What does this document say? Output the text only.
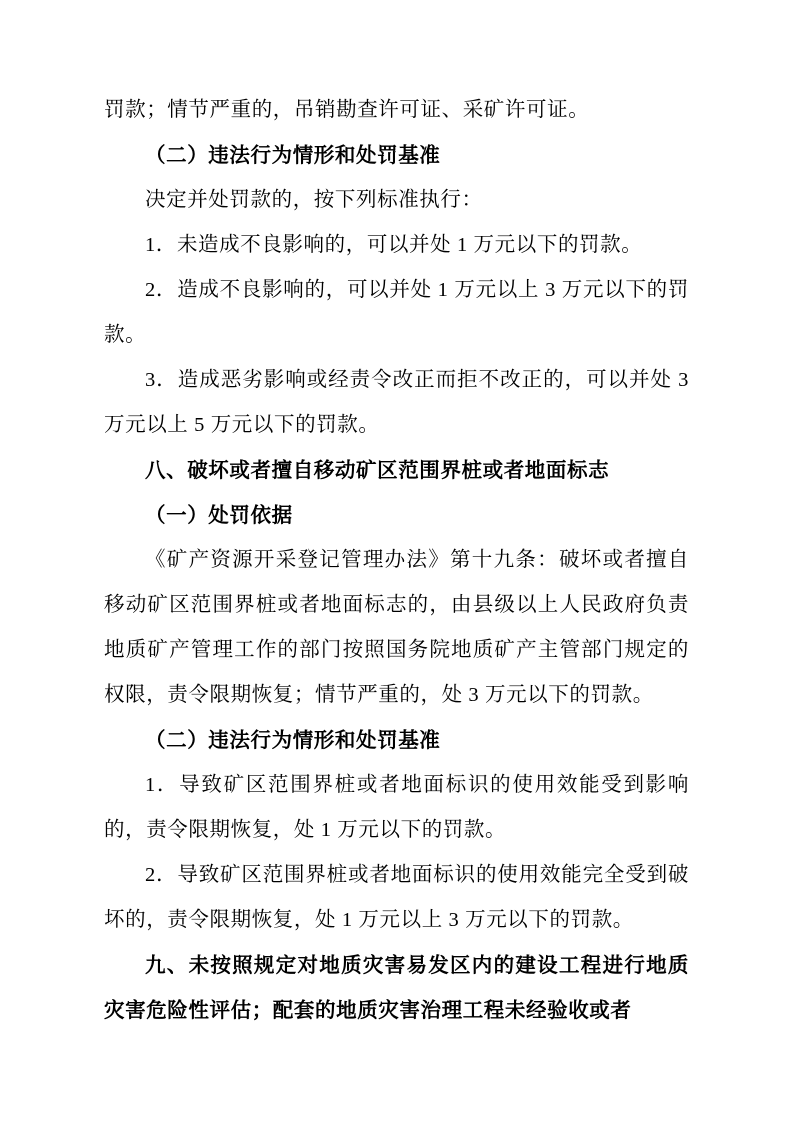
罚款；情节严重的，吊销勘查许可证、采矿许可证。

（二）违法行为情形和处罚基准

决定并处罚款的，按下列标准执行：

1．未造成不良影响的，可以并处 1 万元以下的罚款。

2．造成不良影响的，可以并处 1 万元以上 3 万元以下的罚款。

3．造成恶劣影响或经责令改正而拒不改正的，可以并处 3 万元以上 5 万元以下的罚款。

八、破坏或者擅自移动矿区范围界桩或者地面标志

（一）处罚依据

《矿产资源开采登记管理办法》第十九条：破坏或者擅自移动矿区范围界桩或者地面标志的，由县级以上人民政府负责地质矿产管理工作的部门按照国务院地质矿产主管部门规定的权限，责令限期恢复；情节严重的，处 3 万元以下的罚款。

（二）违法行为情形和处罚基准

1．导致矿区范围界桩或者地面标识的使用效能受到影响的，责令限期恢复，处 1 万元以下的罚款。

2．导致矿区范围界桩或者地面标识的使用效能完全受到破坏的，责令限期恢复，处 1 万元以上 3 万元以下的罚款。

九、未按照规定对地质灾害易发区内的建设工程进行地质灾害危险性评估；配套的地质灾害治理工程未经验收或者
